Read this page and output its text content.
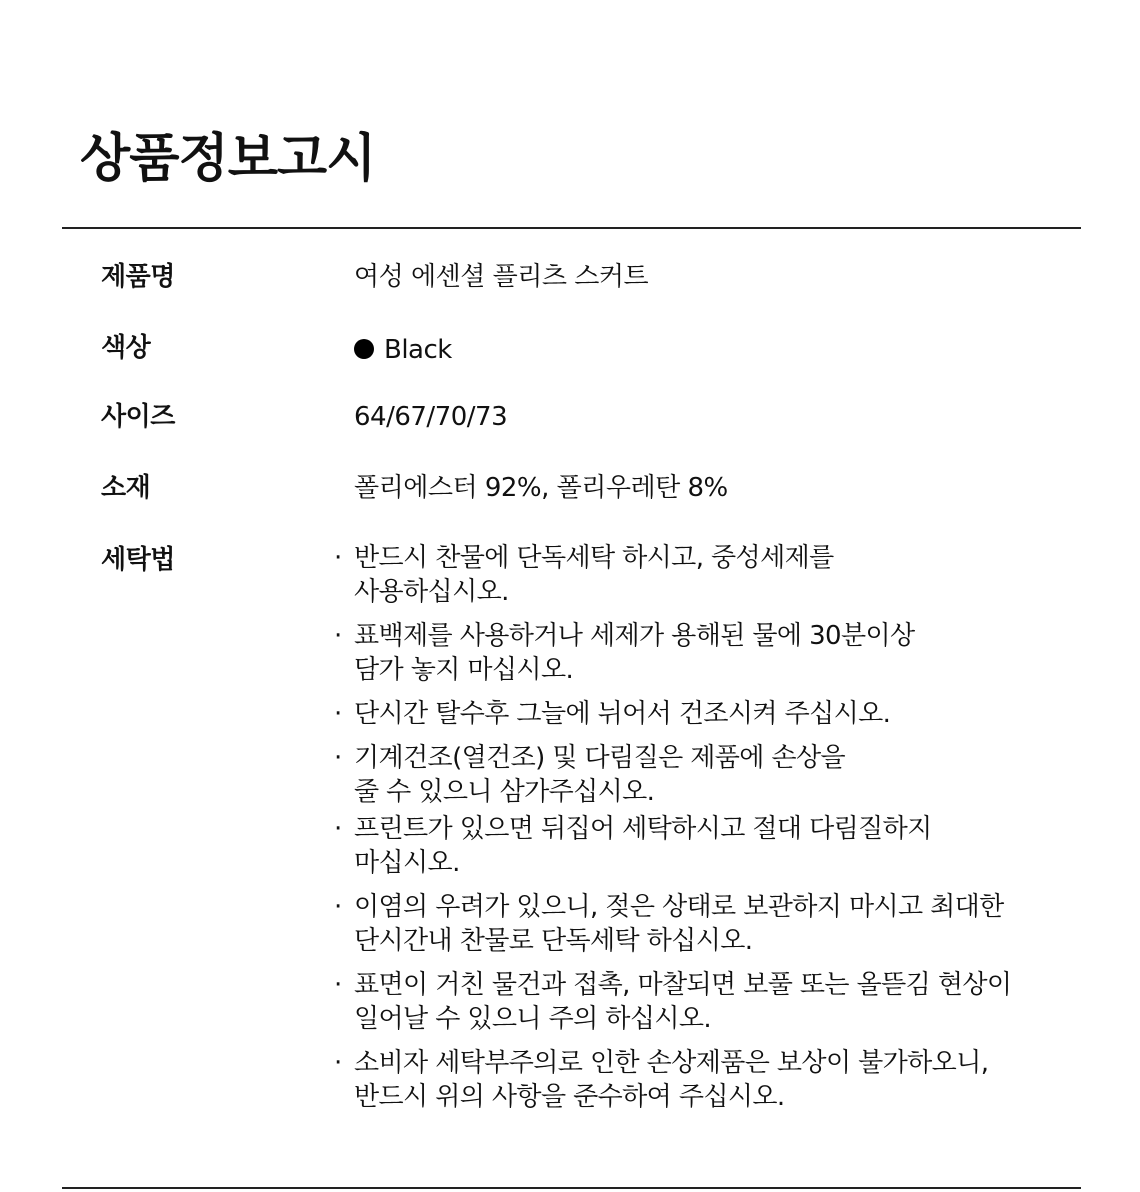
상품정보고시
제품명	여성 에센셜 플리츠 스커트
색상	Black
사이즈	64/67/70/73
소재	폴리에스터 92%, 폴리우레탄 8%
세탁법	· 반드시 찬물에 단독세탁 하시고, 중성세제를
사용하십시오.
· 표백제를 사용하거나 세제가 용해된 물에 30분이상
담가 놓지 마십시오.
· 단시간 탈수후 그늘에 뉘어서 건조시켜 주십시오.
· 기계건조(열건조) 및 다림질은 제품에 손상을
줄 수 있으니 삼가주십시오.
· 프린트가 있으면 뒤집어 세탁하시고 절대 다림질하지
마십시오.
· 이염의 우려가 있으니, 젖은 상태로 보관하지 마시고 최대한
단시간내 찬물로 단독세탁 하십시오.
· 표면이 거친 물건과 접촉, 마찰되면 보풀 또는 올뜯김 현상이
일어날 수 있으니 주의 하십시오.
· 소비자 세탁부주의로 인한 손상제품은 보상이 불가하오니,
반드시 위의 사항을 준수하여 주십시오.
